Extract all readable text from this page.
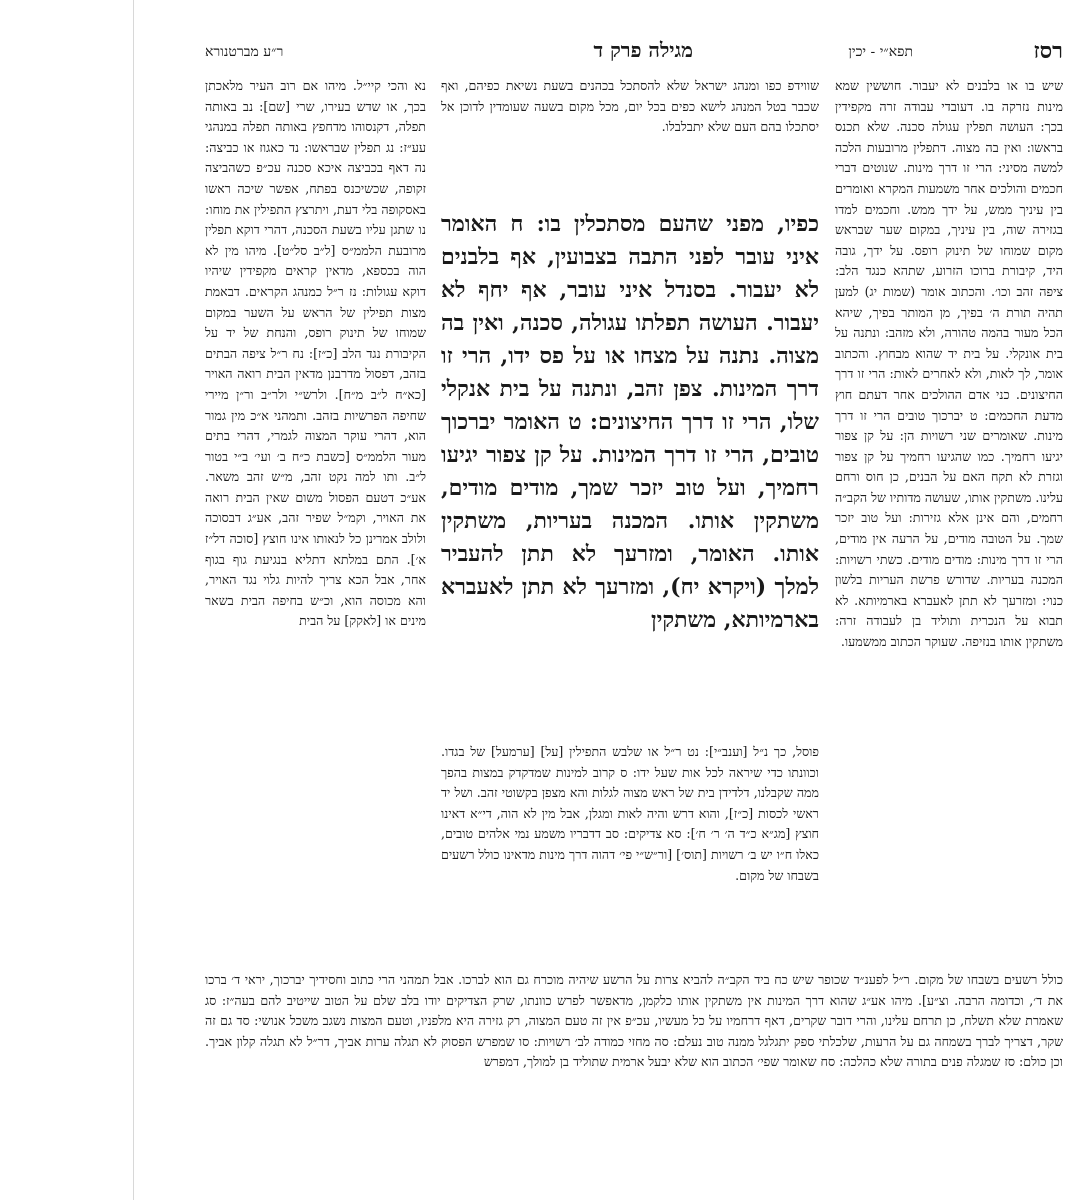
רסז
תפא״י - יכין
מגילה פרק ד
ר״ע מברטנורא

שיש בו או בלבנים לא יעבור. חוששין שמא מינות נזרקה בו. דעובדי עבודה זרה מקפידין בכך: העושה תפלין עגולה סכנה. שלא תכנס בראשו: ואין בה מצוה. דתפלין מרובעות הלכה למשה מסיני: הרי זו דרך מינות. שנוטים דברי חכמים והולכים אחר משמעות המקרא ואומרים בין עיניך ממש, על ידך ממש. וחכמים למדו בגזירה שוה, בין עיניך, במקום שער שבראש מקום שמוחו של תינוק רופס. על ידך, גובה היד, קיבורת ברוכו הזרוע, שתהא כנגד הלב: ציפה זהב וכו׳. והכתוב אומר (שמות יג) למען תהיה תורת ה׳ בפיך, מן המותר בפיך, שיהא הכל מעור בהמה טהורה, ולא מזהב: ונתנה על בית אונקלי. על בית יד שהוא מבחוץ. והכתוב אומר, לך לאות, ולא לאחרים לאות: הרי זו דרך החיצונים. כני אדם ההולכים אחר דעתם חוץ מדעת החכמים: ט יברכוך טובים הרי זו דרך מינות. שאומרים שני רשויות הן: על קן צפור יגיעו רחמיך. כמו שהגיעו רחמיך על קן צפור וגזרת לא תקח האם על הבנים, כן חוס ורחם עלינו. משתקין אותו, שעושה מדותיו של הקב״ה רחמים, והם אינן אלא גזירות: ועל טוב יזכר שמך. על הטובה מודים, על הרעה אין מודים, הרי זו דרך מינות: מודים מודים. כשתי רשויות: המכנה בעריות. שדורש פרשת העריות בלשון כנוי: ומזרעך לא תתן לאעברא בארמיותא. לא תבוא על הנכרית ותוליד בן לעבודה זרה: משתקין אותו בנזיפה. שעוקר הכתוב ממשמעו.

שווידפ כפו ומנהג ישראל שלא להסתכל בכהנים בשעת נשיאת כפיהם, ואף שכבר בטל המנהג לישא כפים בכל יום, מכל מקום בשעה שעומדין לדוכן אל יסתכלו בהם העם שלא יתבלבלו.

כפיו, מפני שהעם מסתכלין בו: ח האומר איני עובר לפני התבה בצבועין, אף בלבנים לא יעבור. בסנדל איני עובר, אף יחף לא יעבור. העושה תפלתו עגולה, סכנה, ואין בה מצוה. נתנה על מצחו או על פס ידו, הרי זו דרך המינות. צפן זהב, ונתנה על בית אנקלי שלו, הרי זו דרך החיצונים: ט האומר יברכוך טובים, הרי זו דרך המינות. על קן צפור יגיעו רחמיך, ועל טוב יזכר שמך, מודים מודים, משתקין אותו. המכנה בעריות, משתקין אותו. האומר, ומזרעך לא תתן להעביר למלך (ויקרא יח), ומזרעך לא תתן לאעברא בארמיותא, משתקין

פוסל, כך נ״ל [וענב״י]: נט ר״ל או שלבש התפילין [על] [ערמעל] של בגדו. וכוונתו כדי שיראה לכל אות שעל ידו: ס קרוב למינות שמדקדק במצות בהפך ממה שקבלנו, דלדידן בית של ראש מצוה לגלות והא מצפן בקשוטי זהב. ושל יד ראשי לכסות [כ״ז], והוא דרש והיה לאות ומגלן, אבל מין לא הוה, די״א דאינו חוצץ [מג״א כ״ד ה׳ ר׳ ח׳]: סא צדיקים: סב דדבריו משמע נמי אלהים טובים, כאלו ח״ו יש ב׳ רשויות [תוס׳] [ור״ש״י פי׳ דהוה דרך מינות מדאינו כולל רשעים בשבחו של מקום.

נא והכי קיי״ל. מיהו אם רוב העיר מלאכתן בכך, או שדש בעירו, שרי [שם]: נב באותה תפלה, דקנסוהו מדחפץ באותה תפלה במנהגי עע״ז: נג תפלין שבראשו: נד כאגוז או כביצה: נה דאף בכביצה איכא סכנה עכ״פ כשהביצה זקופה, שכשיכנס בפתח, אפשר שיכה ראשו באסקופה בלי דעת, ויתרצץ התפילין את מוחו: נו שתגן עליו בשעת הסכנה, דהרי דוקא תפלין מרובעת הלממ״ס [ל״ב סל״ט]. מיהו מין לא הוה בכספא, מדאין קראים מקפידין שיהיו דוקא עגולות: נז ר״ל כמנהג הקראים. דבאמת מצות תפילין של הראש על השער במקום שמוחו של תינוק רופס, והנחת של יד על הקיבורת נגד הלב [כ״ז]: נח ר״ל ציפה הבתים בזהב, דפסול מדרבנן מדאין הבית רואה האויר [כא״ח ל״ב מ״ח]. ולרש״י ולר״ב ור״ן מיירי שחיפה הפרשיות בזהב. ותמהני א״כ מין גמור הוא, דהרי עוקר המצוה לגמרי, דהרי בתים מעור הלממ״ס [כשבת כ״ח ב׳ ועי׳ ב״י בטור ל״ב. ותו למה נקט זהב, מ״ש זהב משאר. אע״כ דטעם הפסול משום שאין הבית רואה את האויר, וקמ״ל שפיר זהב, אע״ג דבסוכה ולולב אמרינן כל לנאותו אינו חוצץ [סוכה דל״ז א׳]. התם במלתא דתליא בנגיעת גוף בגוף אחר, אבל הכא צריך להיות גלוי נגד האויר, והא מכוסה הוא, וכ״ש בחיפה הבית בשאר מינים או [לאקק] על הבית

כולל רשעים בשבחו של מקום. ר״ל לפענ״ד שכופר שיש כח ביד הקב״ה להביא צרות על הרשע שיהיה מוכרח גם הוא לברכו. אבל תמהני הרי כתוב וחסידיך יברכוך, יראי ד׳ ברכו את ד׳, וכדומה הרבה. וצ״ע]. מיהו אע״ג שהוא דרך המינות אין משתקין אותו כלקמן, מדאפשר לפרש כוונתו, שרק הצדיקים יודו בלב שלם על הטוב שייטיב להם בעה״ז: סג שאמרת שלא תשלח, כן תרחם עלינו, והרי דובר שקרים, דאף דרחמיו על כל מעשיו, עכ״פ אין זה טעם המצוה, רק גזירה היא מלפניו, וטעם המצות נשגב משכל אנושי: סד גם זה שקר, דצריך לברך בשמחה גם על הרעות, שלכלתי ספק יתגלגל ממנה טוב נעלם: סה מחזי כמודה לב׳ רשויות: סו שמפרש הפסוק לא תגלה ערות אביך, דר״ל לא תגלה קלון אביך. וכן כולם: סז שמגלה פנים בתורה שלא כהלכה: סח שאומר שפי׳ הכתוב הוא שלא יבעל ארמית שתוליד בן למולך, דמפרש
